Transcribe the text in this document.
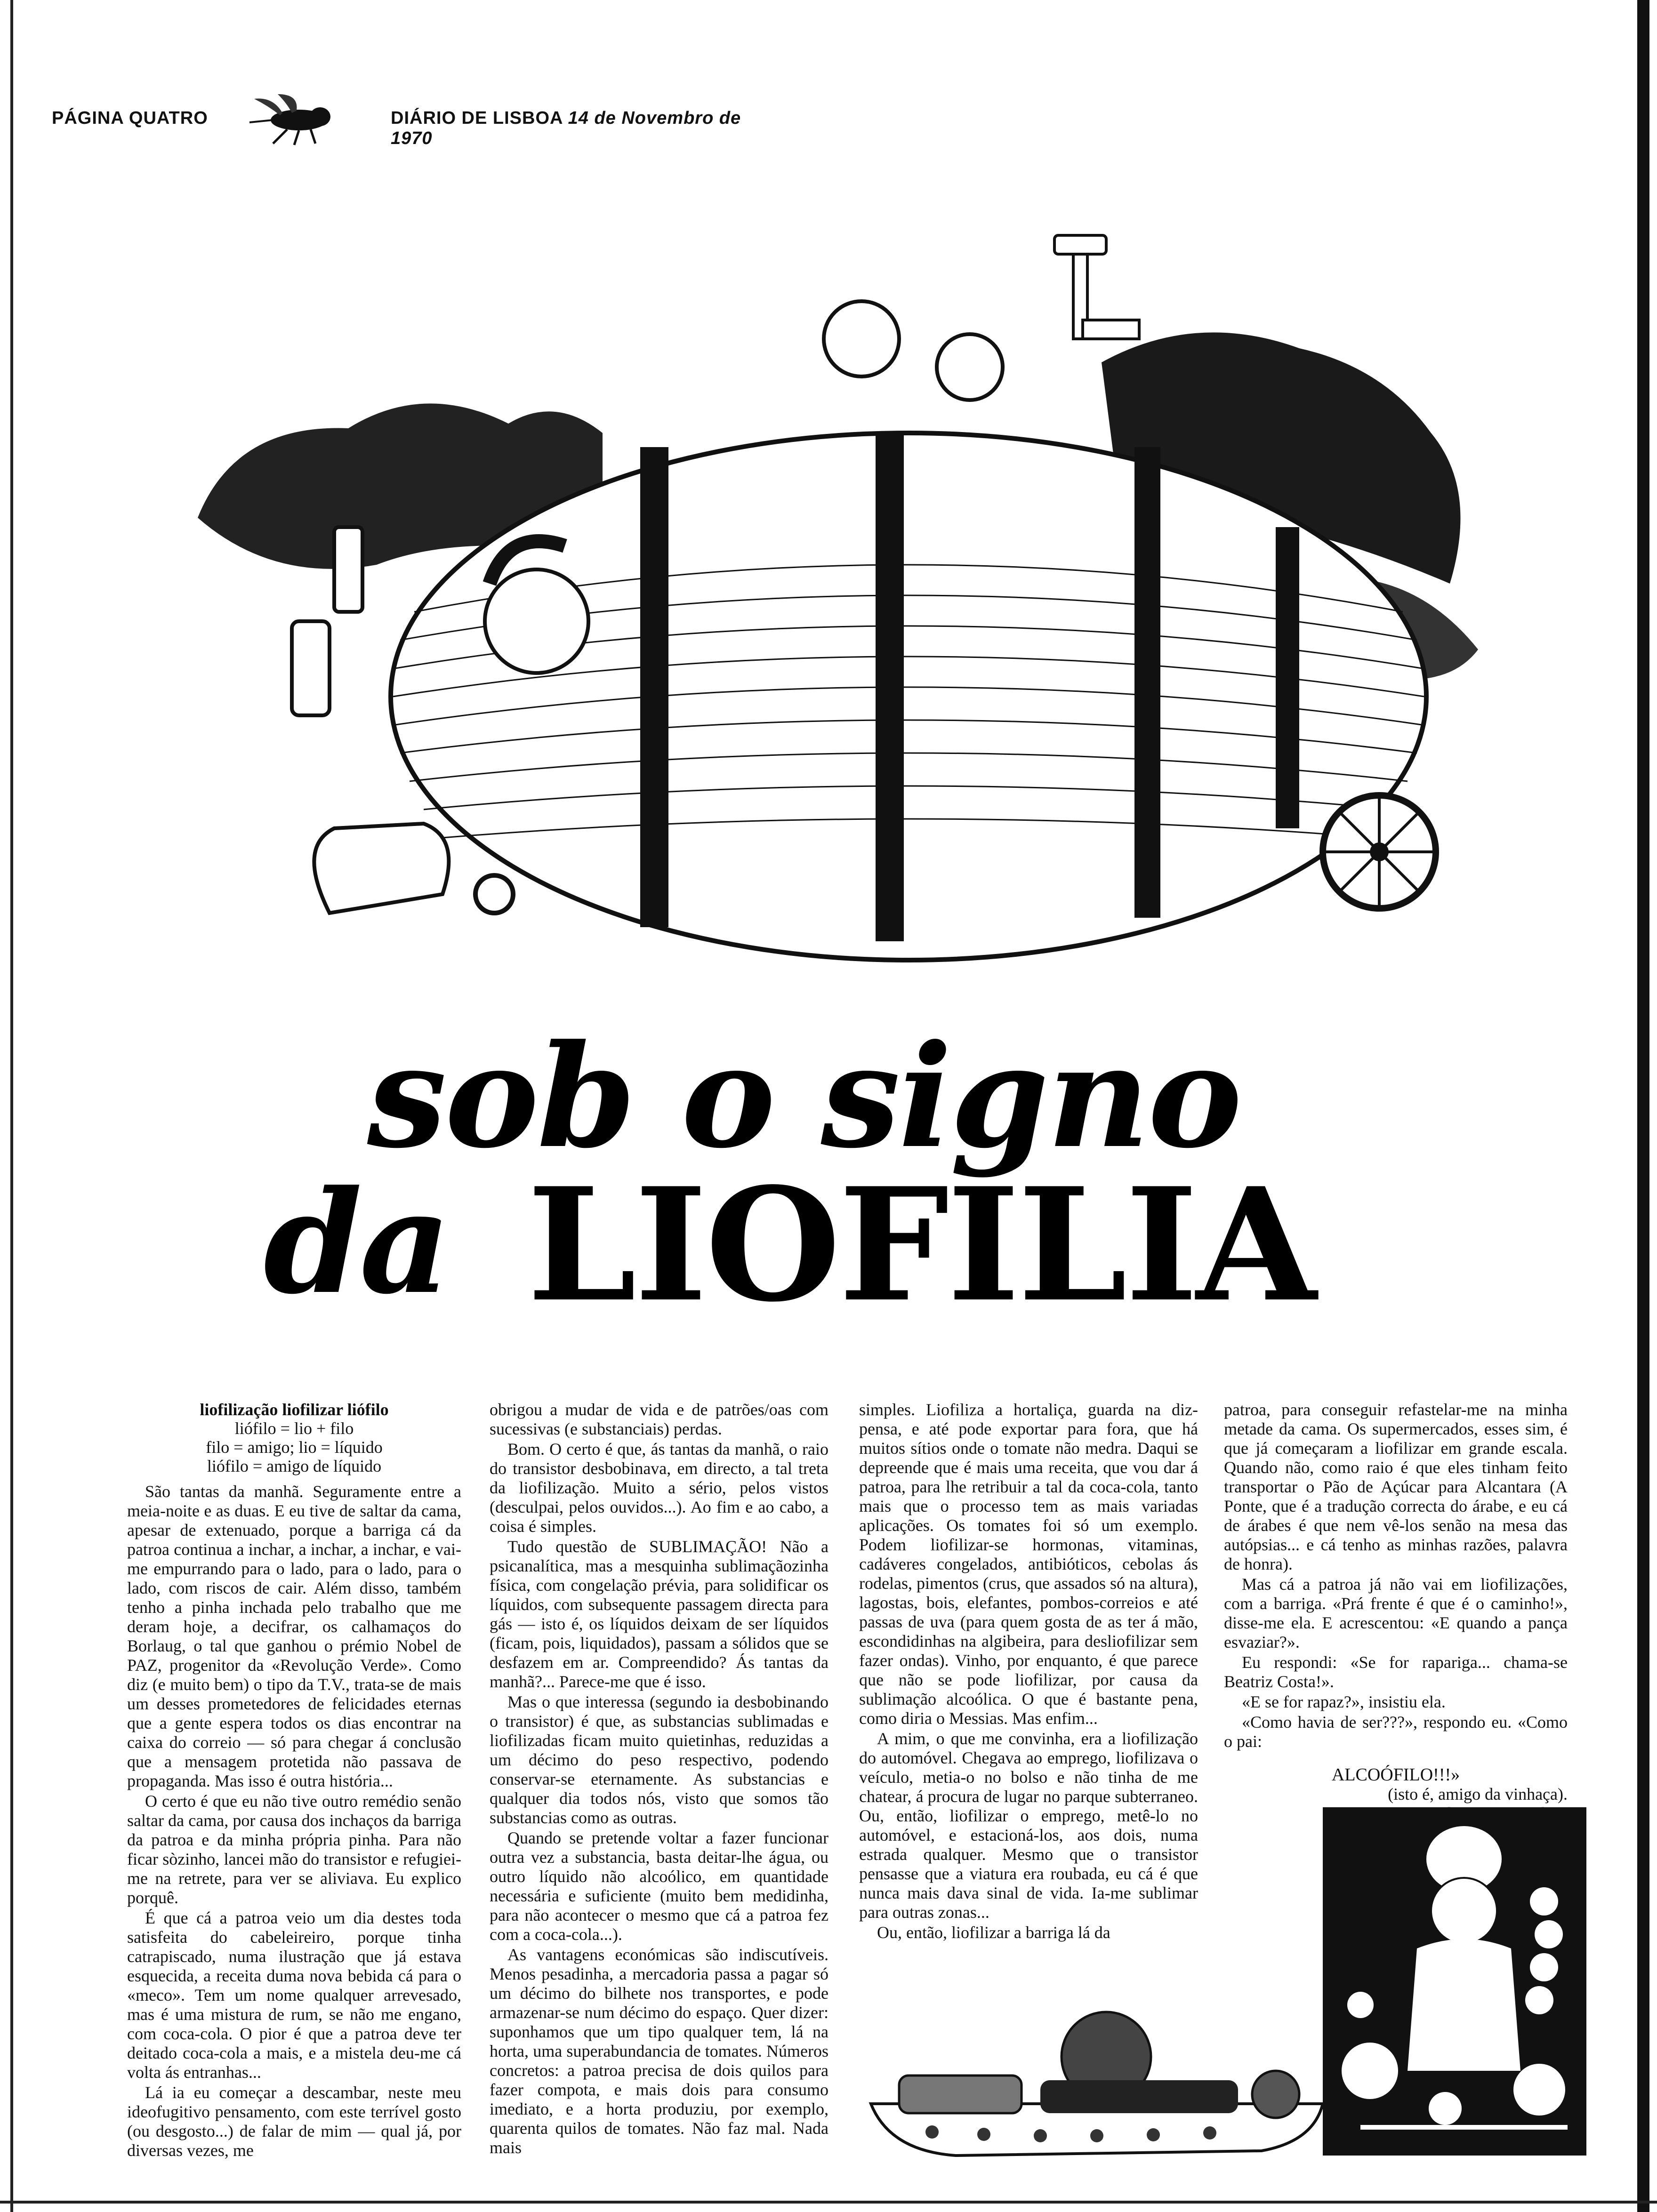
PÁGINA QUATRO	DIÁRIO DE LISBOA 14 de Novembro de 1970
sob o signo
da LIOFILIA
liofilização liofilizar liófilo
liófilo = lio + filo
filo = amigo; lio = líquido
liófilo = amigo de líquido

São tantas da manhã. Seguramente entre a meia-noite e as duas. E eu tive de saltar da cama, apesar de extenuado, porque a barriga cá da patroa continua a inchar, a inchar, a inchar, e vai-me empurrando para o lado, para o lado, para o lado, com riscos de cair. Além disso, também tenho a pinha inchada pelo trabalho que me deram hoje, a decifrar, os calhamaços do Borlaug, o tal que ganhou o prémio Nobel de PAZ, progenitor da «Revolução Verde». Como diz (e muito bem) o tipo da T.V., trata-se de mais um desses prometedores de felicidades eternas que a gente espera todos os dias encontrar na caixa do correio — só para chegar á conclusão que a mensagem protetida não passava de propaganda. Mas isso é outra história...

O certo é que eu não tive outro remédio senão saltar da cama, por causa dos inchaços da barriga da patroa e da minha própria pinha. Para não ficar sòzinho, lancei mão do transistor e refugiei-me na retrete, para ver se aliviava. Eu explico porquê.

É que cá a patroa veio um dia destes toda satisfeita do cabeleireiro, porque tinha catrapiscado, numa ilustração que já estava esquecida, a receita duma nova bebida cá para o «meco». Tem um nome qualquer arrevesado, mas é uma mistura de rum, se não me engano, com coca-cola. O pior é que a patroa deve ter deitado coca-cola a mais, e a mistela deu-me cá volta ás entranhas...

Lá ia eu começar a descambar, neste meu ideofugitivo pensamento, com este terrível gosto (ou desgosto...) de falar de mim — qual já, por diversas vezes, me

obrigou a mudar de vida e de patrões/oas com sucessivas (e substanciais) perdas.

Bom. O certo é que, ás tantas da manhã, o raio do transistor desbobinava, em directo, a tal treta da liofilização. Muito a sério, pelos vistos (desculpai, pelos ouvidos...). Ao fim e ao cabo, a coisa é simples.

Tudo questão de SUBLIMAÇÃO! Não a psicanalítica, mas a mesquinha sublimaçãozinha física, com congelação prévia, para solidificar os líquidos, com subsequente passagem directa para gás — isto é, os líquidos deixam de ser líquidos (ficam, pois, liquidados), passam a sólidos que se desfazem em ar. Compreendido? Ás tantas da manhã?... Parece-me que é isso.

Mas o que interessa (segundo ia desbobinando o transistor) é que, as substancias sublimadas e liofilizadas ficam muito quietinhas, reduzidas a um décimo do peso respectivo, podendo conservar-se eternamente. As substancias e qualquer dia todos nós, visto que somos tão substancias como as outras.

Quando se pretende voltar a fazer funcionar outra vez a substancia, basta deitar-lhe água, ou outro líquido não alcoólico, em quantidade necessária e suficiente (muito bem medidinha, para não acontecer o mesmo que cá a patroa fez com a coca-cola...).

As vantagens económicas são indiscutíveis. Menos pesadinha, a mercadoria passa a pagar só um décimo do bilhete nos transportes, e pode armazenar-se num décimo do espaço. Quer dizer: suponhamos que um tipo qualquer tem, lá na horta, uma superabundancia de tomates. Números concretos: a patroa precisa de dois quilos para fazer compota, e mais dois para consumo imediato, e a horta produziu, por exemplo, quarenta quilos de tomates. Não faz mal. Nada mais

simples. Liofiliza a hortaliça, guarda na diz-pensa, e até pode exportar para fora, que há muitos sítios onde o tomate não medra. Daqui se depreende que é mais uma receita, que vou dar á patroa, para lhe retribuir a tal da coca-cola, tanto mais que o processo tem as mais variadas aplicações. Os tomates foi só um exemplo. Podem liofilizar-se hormonas, vitaminas, cadáveres congelados, antibióticos, cebolas ás rodelas, pimentos (crus, que assados só na altura), lagostas, bois, elefantes, pombos-correios e até passas de uva (para quem gosta de as ter á mão, escondidinhas na algibeira, para desliofilizar sem fazer ondas). Vinho, por enquanto, é que parece que não se pode liofilizar, por causa da sublimação alcoólica. O que é bastante pena, como diria o Messias. Mas enfim...

A mim, o que me convinha, era a liofilização do automóvel. Chegava ao emprego, liofilizava o veículo, metia-o no bolso e não tinha de me chatear, á procura de lugar no parque subterraneo. Ou, então, liofilizar o emprego, metê-lo no automóvel, e estacioná-los, aos dois, numa estrada qualquer. Mesmo que o transistor pensasse que a viatura era roubada, eu cá é que nunca mais dava sinal de vida. Ia-me sublimar para outras zonas...

Ou, então, liofilizar a barriga lá da

patroa, para conseguir refastelar-me na minha metade da cama. Os supermercados, esses sim, é que já começaram a liofilizar em grande escala. Quando não, como raio é que eles tinham feito transportar o Pão de Açúcar para Alcantara (A Ponte, que é a tradução correcta do árabe, e eu cá de árabes é que nem vê-los senão na mesa das autópsias... e cá tenho as minhas razões, palavra de honra).

Mas cá a patroa já não vai em liofilizações, com a barriga. «Prá frente é que é o caminho!», disse-me ela. E acrescentou: «E quando a pança esvaziar?».

Eu respondi: «Se for rapariga... chama-se Beatriz Costa!».

«E se for rapaz?», insistiu ela.

«Como havia de ser???», respondo eu. «Como o pai:

ALCOÓFILO!!!»
(isto é, amigo da vinhaça).
